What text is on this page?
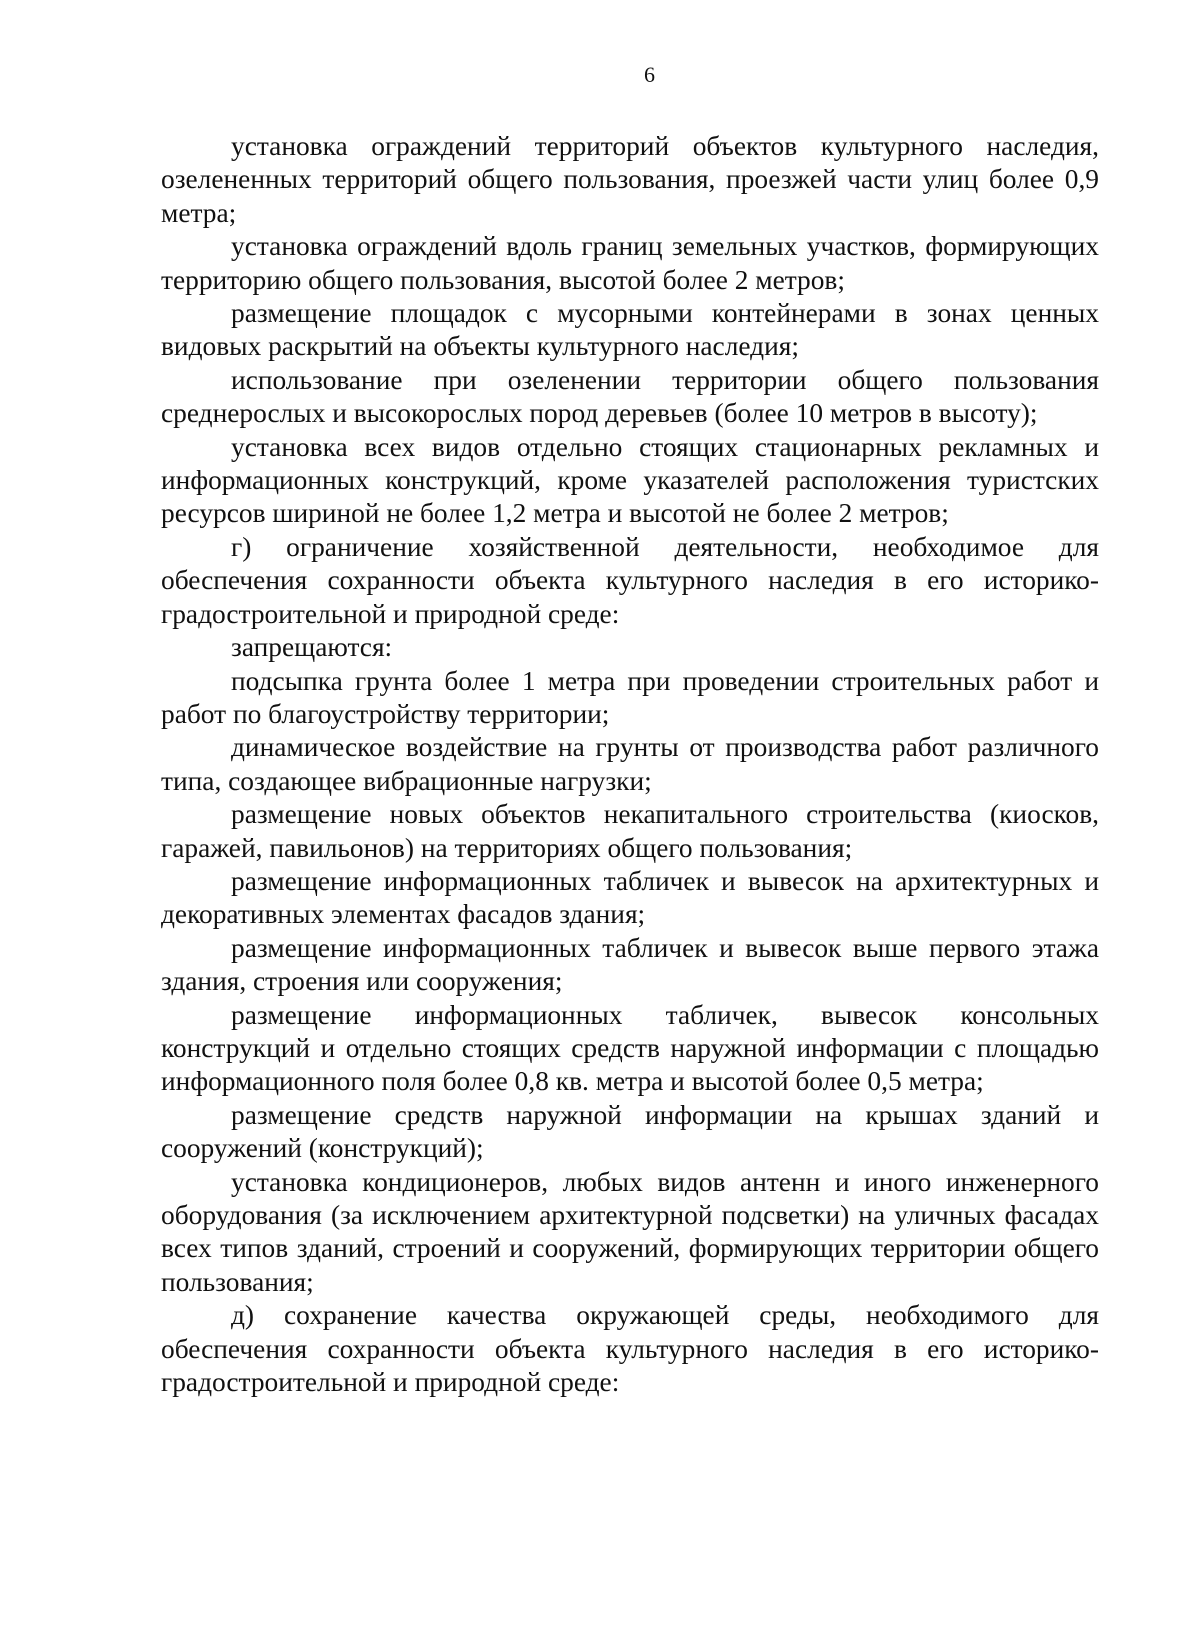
6

установка ограждений территорий объектов культурного наследия, озелененных территорий общего пользования, проезжей части улиц более 0,9 метра;

установка ограждений вдоль границ земельных участков, формирующих территорию общего пользования, высотой более 2 метров;

размещение площадок с мусорными контейнерами в зонах ценных видовых раскрытий на объекты культурного наследия;

использование при озеленении территории общего пользования среднерослых и высокорослых пород деревьев (более 10 метров в высоту);

установка всех видов отдельно стоящих стационарных рекламных и информационных конструкций, кроме указателей расположения туристских ресурсов шириной не более 1,2 метра и высотой не более 2 метров;

г) ограничение хозяйственной деятельности, необходимое для обеспечения сохранности объекта культурного наследия в его историко-градостроительной и природной среде:

запрещаются:

подсыпка грунта более 1 метра при проведении строительных работ и работ по благоустройству территории;

динамическое воздействие на грунты от производства работ различного типа, создающее вибрационные нагрузки;

размещение новых объектов некапитального строительства (киосков, гаражей, павильонов) на территориях общего пользования;

размещение информационных табличек и вывесок на архитектурных и декоративных элементах фасадов здания;

размещение информационных табличек и вывесок выше первого этажа здания, строения или сооружения;

размещение информационных табличек, вывесок консольных конструкций и отдельно стоящих средств наружной информации с площадью информационного поля более 0,8 кв. метра и высотой более 0,5 метра;

размещение средств наружной информации на крышах зданий и сооружений (конструкций);

установка кондиционеров, любых видов антенн и иного инженерного оборудования (за исключением архитектурной подсветки) на уличных фасадах всех типов зданий, строений и сооружений, формирующих территории общего пользования;

д) сохранение качества окружающей среды, необходимого для обеспечения сохранности объекта культурного наследия в его историко-градостроительной и природной среде:
